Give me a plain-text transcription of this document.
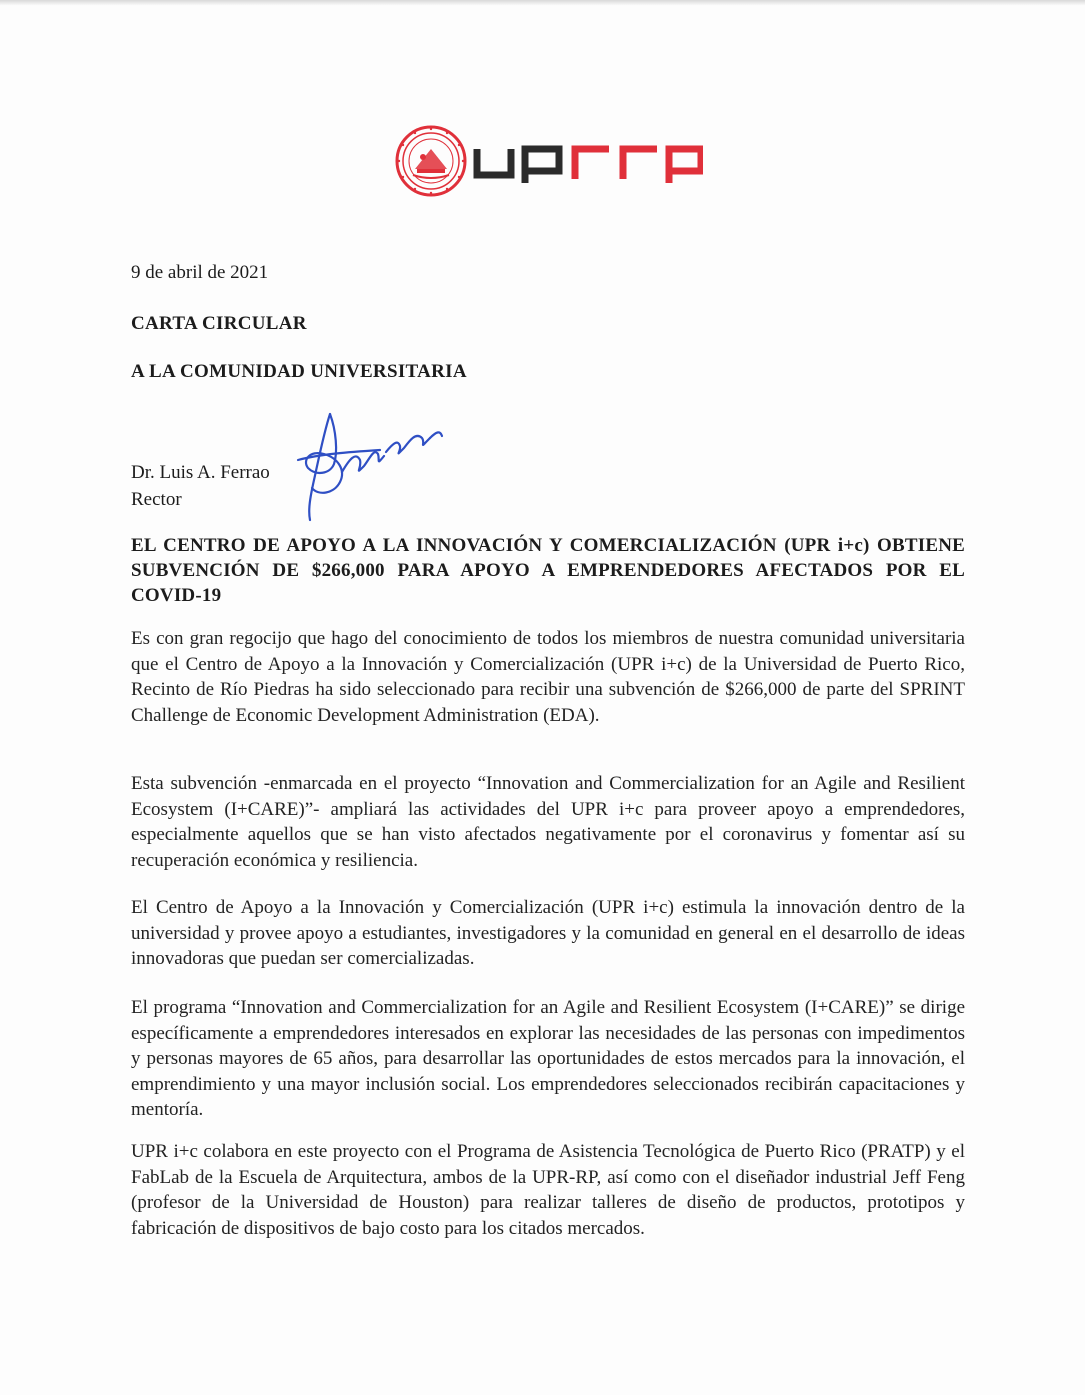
9 de abril de 2021
CARTA CIRCULAR
A LA COMUNIDAD UNIVERSITARIA
Dr. Luis A. Ferrao
Rector
EL CENTRO DE APOYO A LA INNOVACIÓN Y COMERCIALIZACIÓN (UPR i+c) OBTIENE SUBVENCIÓN DE $266,000 PARA APOYO A EMPRENDEDORES AFECTADOS POR EL COVID-19
Es con gran regocijo que hago del conocimiento de todos los miembros de nuestra comunidad universitaria que el Centro de Apoyo a la Innovación y Comercialización (UPR i+c) de la Universidad de Puerto Rico, Recinto de Río Piedras ha sido seleccionado para recibir una subvención de $266,000 de parte del SPRINT Challenge de Economic Development Administration (EDA).
Esta subvención -enmarcada en el proyecto “Innovation and Commercialization for an Agile and Resilient Ecosystem (I+CARE)”- ampliará las actividades del UPR i+c para proveer apoyo a emprendedores, especialmente aquellos que se han visto afectados negativamente por el coronavirus y fomentar así su recuperación económica y resiliencia.
El Centro de Apoyo a la Innovación y Comercialización (UPR i+c) estimula la innovación dentro de la universidad y provee apoyo a estudiantes, investigadores y la comunidad en general en el desarrollo de ideas innovadoras que puedan ser comercializadas.
El programa “Innovation and Commercialization for an Agile and Resilient Ecosystem (I+CARE)” se dirige específicamente a emprendedores interesados en explorar las necesidades de las personas con impedimentos y personas mayores de 65 años, para desarrollar las oportunidades de estos mercados para la innovación, el emprendimiento y una mayor inclusión social. Los emprendedores seleccionados recibirán capacitaciones y mentoría.
UPR i+c colabora en este proyecto con el Programa de Asistencia Tecnológica de Puerto Rico (PRATP) y el FabLab de la Escuela de Arquitectura, ambos de la UPR-RP, así como con el diseñador industrial Jeff Feng (profesor de la Universidad de Houston) para realizar talleres de diseño de productos, prototipos y fabricación de dispositivos de bajo costo para los citados mercados.
